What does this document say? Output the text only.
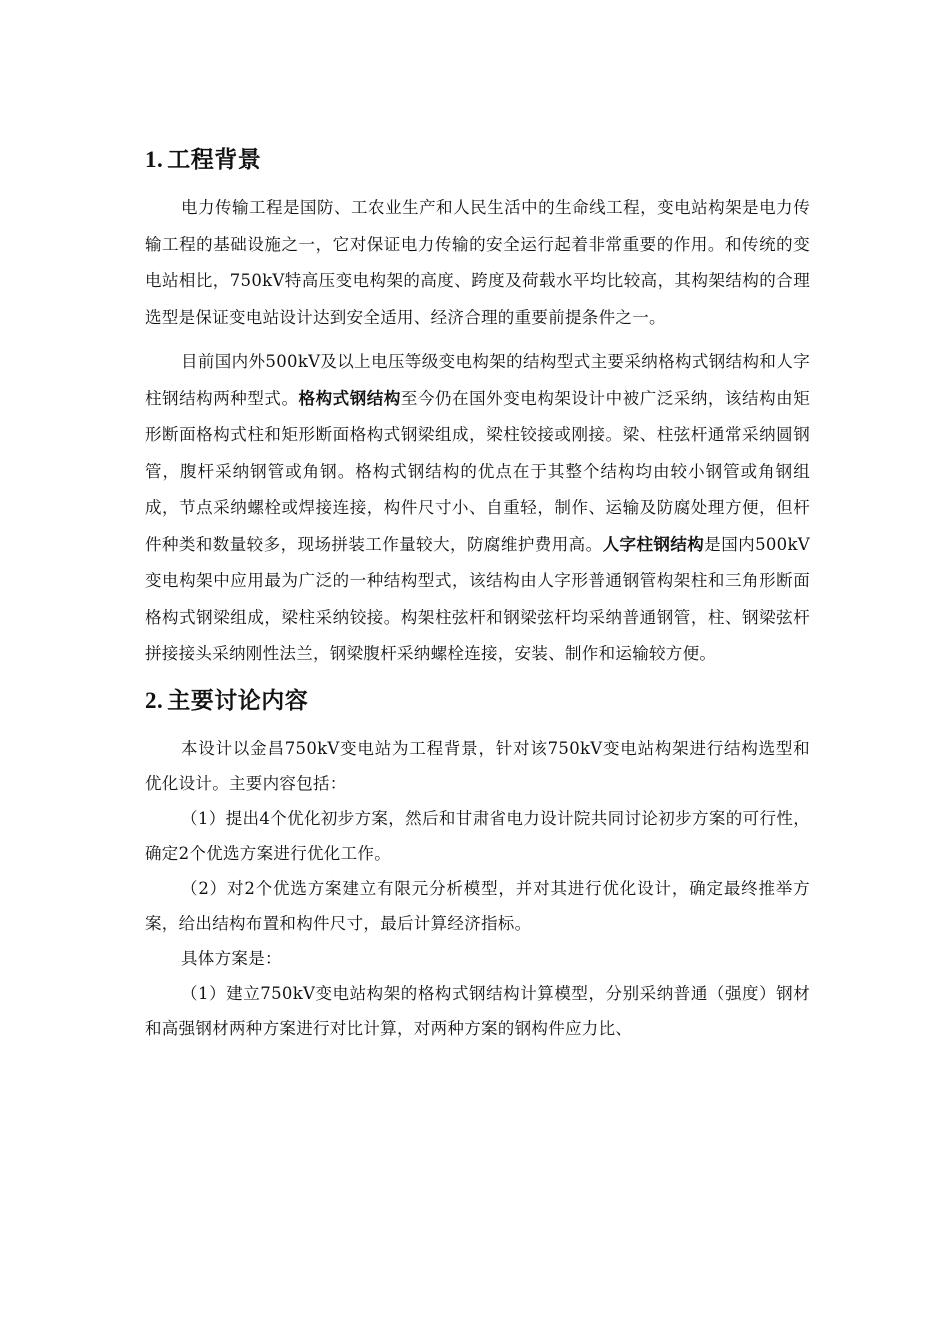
1. 工程背景

电力传输工程是国防、工农业生产和人民生活中的生命线工程，变电站构架是电力传输工程的基础设施之一，它对保证电力传输的安全运行起着非常重要的作用。和传统的变电站相比，750kV特高压变电构架的高度、跨度及荷载水平均比较高，其构架结构的合理选型是保证变电站设计达到安全适用、经济合理的重要前提条件之一。

目前国内外500kV及以上电压等级变电构架的结构型式主要采纳格构式钢结构和人字柱钢结构两种型式。格构式钢结构至今仍在国外变电构架设计中被广泛采纳，该结构由矩形断面格构式柱和矩形断面格构式钢梁组成，梁柱铰接或刚接。梁、柱弦杆通常采纳圆钢管，腹杆采纳钢管或角钢。格构式钢结构的优点在于其整个结构均由较小钢管或角钢组成，节点采纳螺栓或焊接连接，构件尺寸小、自重轻，制作、运输及防腐处理方便，但杆件种类和数量较多，现场拼装工作量较大，防腐维护费用高。人字柱钢结构是国内500kV变电构架中应用最为广泛的一种结构型式，该结构由人字形普通钢管构架柱和三角形断面格构式钢梁组成，梁柱采纳铰接。构架柱弦杆和钢梁弦杆均采纳普通钢管，柱、钢梁弦杆拼接接头采纳刚性法兰，钢梁腹杆采纳螺栓连接，安装、制作和运输较方便。

2. 主要讨论内容

本设计以金昌750kV变电站为工程背景，针对该750kV变电站构架进行结构选型和优化设计。主要内容包括：

（1）提出4个优化初步方案，然后和甘肃省电力设计院共同讨论初步方案的可行性，确定2个优选方案进行优化工作。

（2）对2个优选方案建立有限元分析模型，并对其进行优化设计，确定最终推举方案，给出结构布置和构件尺寸，最后计算经济指标。

具体方案是：

（1）建立750kV变电站构架的格构式钢结构计算模型，分别采纳普通（强度）钢材和高强钢材两种方案进行对比计算，对两种方案的钢构件应力比、
